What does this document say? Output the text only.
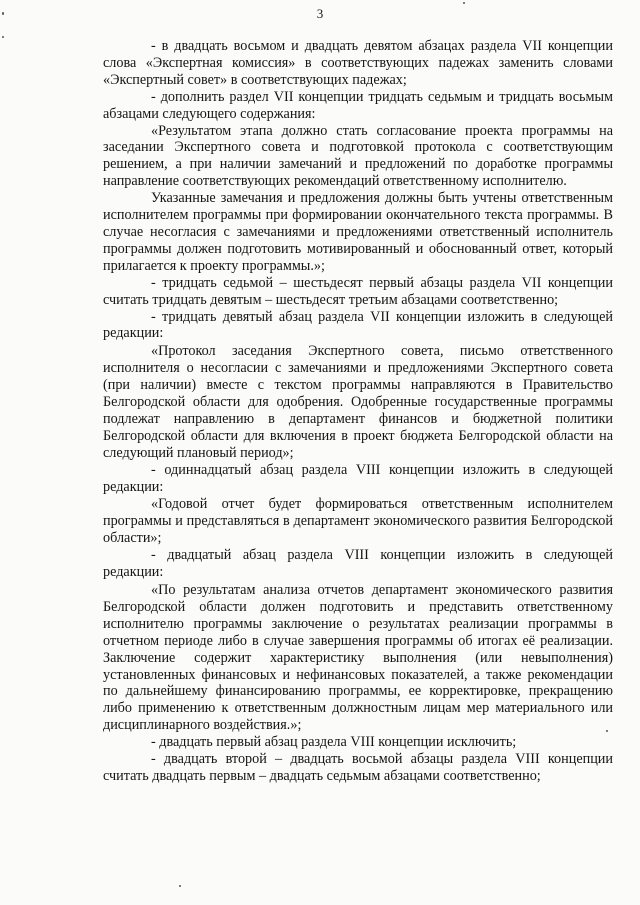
3

- в двадцать восьмом и двадцать девятом абзацах раздела VII концепции слова «Экспертная комиссия» в соответствующих падежах заменить словами «Экспертный совет» в соответствующих падежах;

- дополнить раздел VII концепции тридцать седьмым и тридцать восьмым абзацами следующего содержания:

«Результатом этапа должно стать согласование проекта программы на заседании Экспертного совета и подготовкой протокола с соответствующим решением, а при наличии замечаний и предложений по доработке программы направление соответствующих рекомендаций ответственному исполнителю.

Указанные замечания и предложения должны быть учтены ответственным исполнителем программы при формировании окончательного текста программы. В случае несогласия с замечаниями и предложениями ответственный исполнитель программы должен подготовить мотивированный и обоснованный ответ, который прилагается к проекту программы.»;

- тридцать седьмой – шестьдесят первый абзацы раздела VII концепции считать тридцать девятым – шестьдесят третьим абзацами соответственно;

- тридцать девятый абзац раздела VII концепции изложить в следующей редакции:

«Протокол заседания Экспертного совета, письмо ответственного исполнителя о несогласии с замечаниями и предложениями Экспертного совета (при наличии) вместе с текстом программы направляются в Правительство Белгородской области для одобрения. Одобренные государственные программы подлежат направлению в департамент финансов и бюджетной политики Белгородской области для включения в проект бюджета Белгородской области на следующий плановый период»;

- одиннадцатый абзац раздела VIII концепции изложить в следующей редакции:

«Годовой отчет будет формироваться ответственным исполнителем программы и представляться в департамент экономического развития Белгородской области»;

- двадцатый абзац раздела VIII концепции изложить в следующей редакции:

«По результатам анализа отчетов департамент экономического развития Белгородской области должен подготовить и представить ответственному исполнителю программы заключение о результатах реализации программы в отчетном периоде либо в случае завершения программы об итогах её реализации. Заключение содержит характеристику выполнения (или невыполнения) установленных финансовых и нефинансовых показателей, а также рекомендации по дальнейшему финансированию программы, ее корректировке, прекращению либо применению к ответственным должностным лицам мер материального или дисциплинарного воздействия.»;

- двадцать первый абзац раздела VIII концепции исключить;

- двадцать второй – двадцать восьмой абзацы раздела VIII концепции считать двадцать первым – двадцать седьмым абзацами соответственно;
